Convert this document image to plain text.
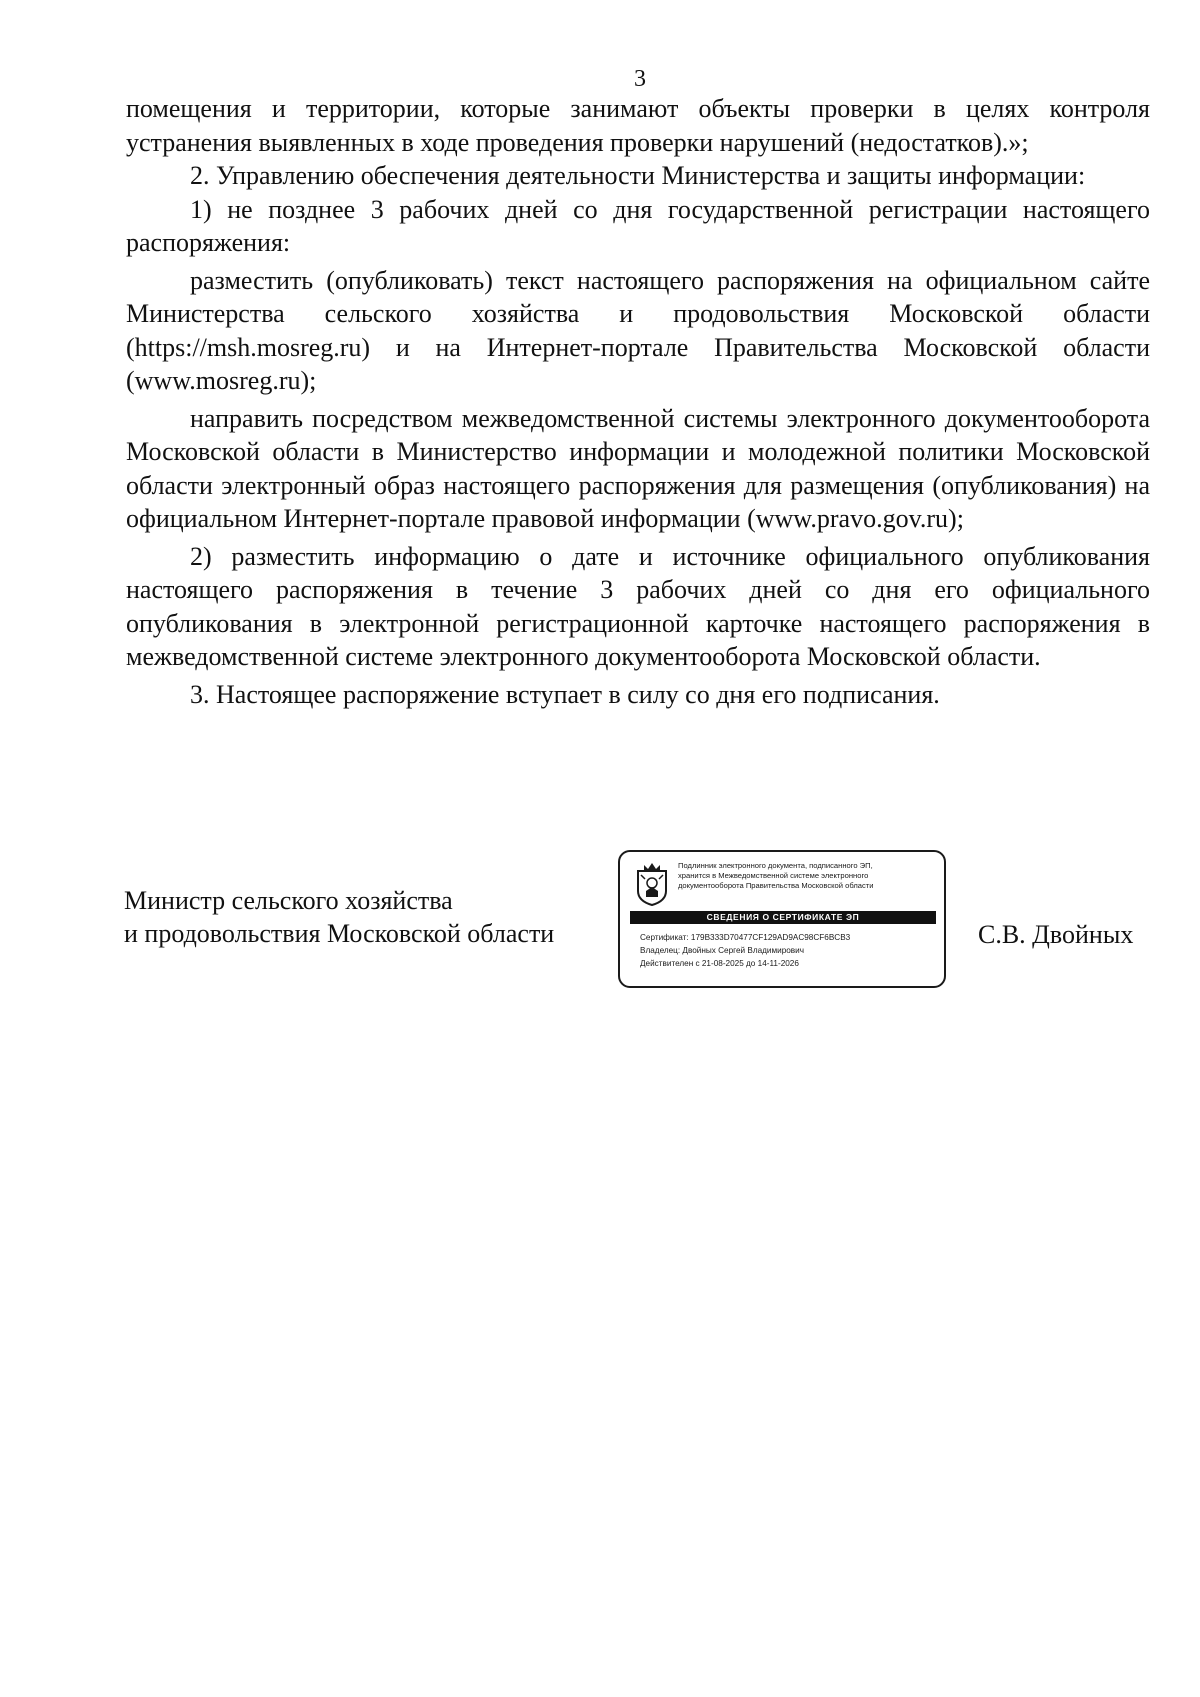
3

помещения и территории, которые занимают объекты проверки в целях контроля устранения выявленных в ходе проведения проверки нарушений (недостатков).»;

2. Управлению обеспечения деятельности Министерства и защиты информации:

1) не позднее 3 рабочих дней со дня государственной регистрации настоящего распоряжения:

разместить (опубликовать) текст настоящего распоряжения на официальном сайте Министерства сельского хозяйства и продовольствия Московской области (https://msh.mosreg.ru) и на Интернет-портале Правительства Московской области (www.mosreg.ru);

направить посредством межведомственной системы электронного документооборота Московской области в Министерство информации и молодежной политики Московской области электронный образ настоящего распоряжения для размещения (опубликования) на официальном Интернет-портале правовой информации (www.pravo.gov.ru);

2) разместить информацию о дате и источнике официального опубликования настоящего распоряжения в течение 3 рабочих дней со дня его официального опубликования в электронной регистрационной карточке настоящего распоряжения в межведомственной системе электронного документооборота Московской области.

3. Настоящее распоряжение вступает в силу со дня его подписания.

Министр сельского хозяйства
и продовольствия Московской области
Подлинник электронного документа, подписанного ЭП,
хранится в Межведомственной системе электронного
документооборота Правительства Московской области
СВЕДЕНИЯ О СЕРТИФИКАТЕ ЭП
Сертификат: 179B333D70477CF129AD9AC98CF6BCB3
Владелец: Двойных Сергей Владимирович
Действителен с 21-08-2025 до 14-11-2026
С.В. Двойных
